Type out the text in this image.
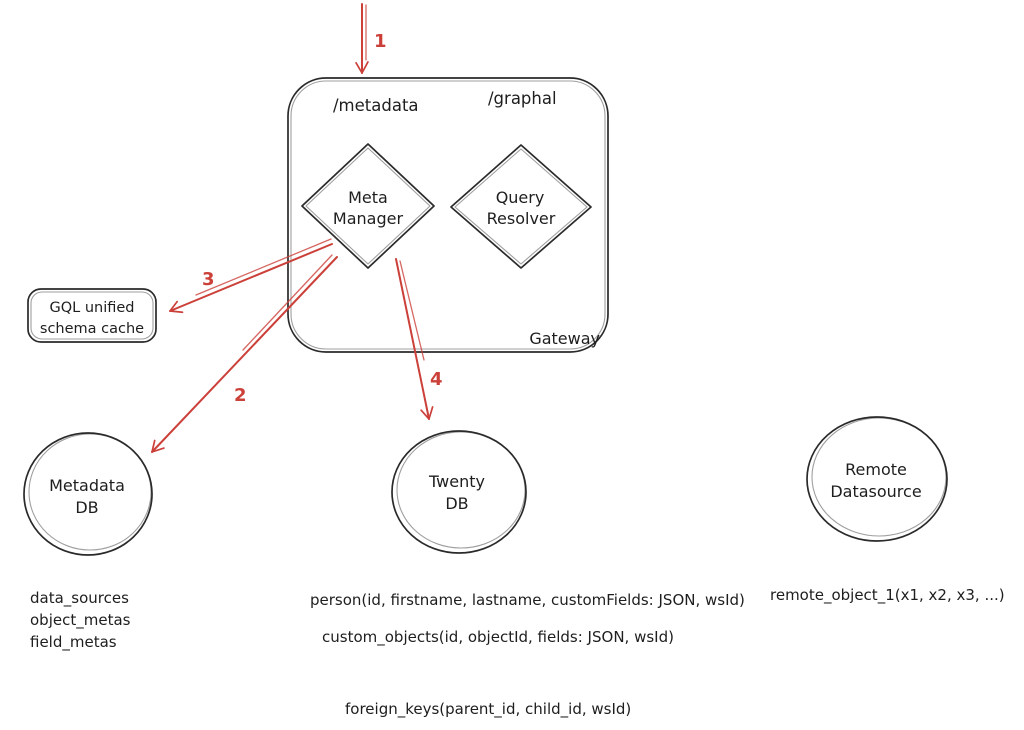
/metadata	/graphal
Gateway
Meta
Manager
Query
Resolver
GQL unified
schema cache
Metadata
DB
Twenty
DB
Remote
Datasource
1
3
2
4
data_sources
object_metas
field_metas
person(id, firstname, lastname, customFields: JSON, wsId)
custom_objects(id, objectId, fields: JSON, wsId)
foreign_keys(parent_id, child_id, wsId)
remote_object_1(x1, x2, x3, ...)
